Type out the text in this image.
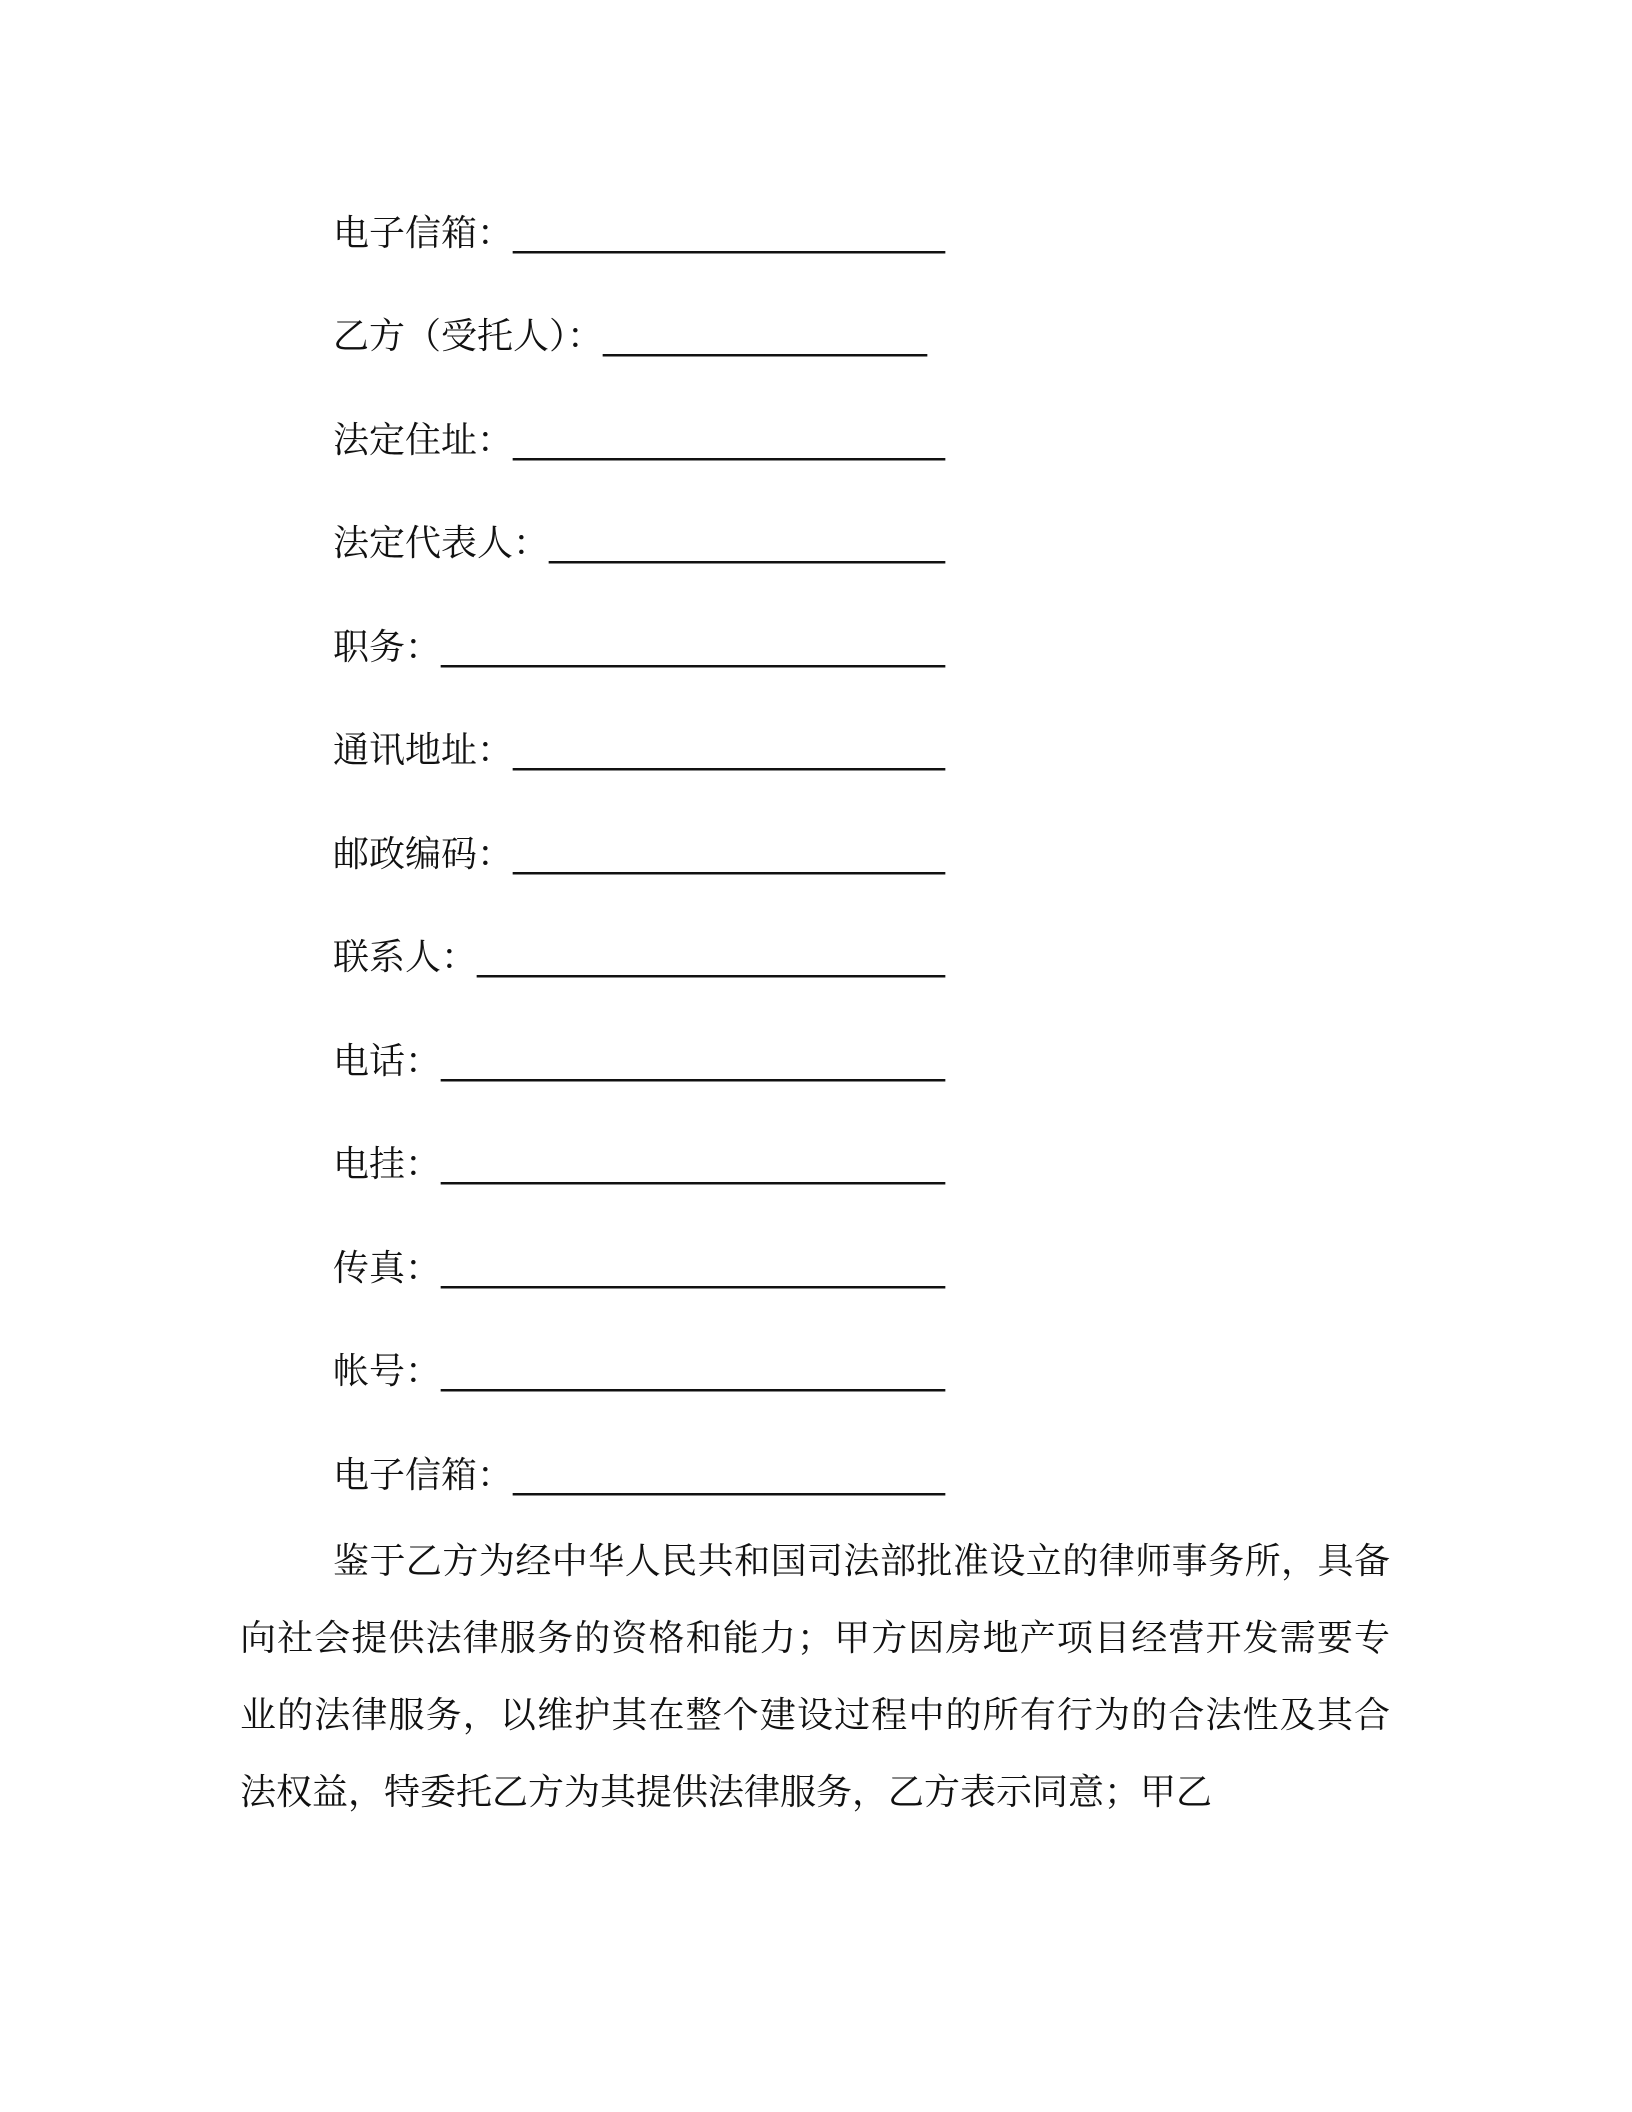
电子信箱： ________________________
乙方（受托人）： __________________
法定住址： ________________________
法定代表人： ______________________
职务： ____________________________
通讯地址： ________________________
邮政编码： ________________________
联系人： __________________________
电话： ____________________________
电挂： ____________________________
传真： ____________________________
帐号： ____________________________
电子信箱： ________________________

鉴于乙方为经中华人民共和国司法部批准设立的律师事务所，具备向社会提供法律服务的资格和能力；甲方因房地产项目经营开发需要专业的法律服务，以维护其在整个建设过程中的所有行为的合法性及其合法权益，特委托乙方为其提供法律服务，乙方表示同意；甲乙
